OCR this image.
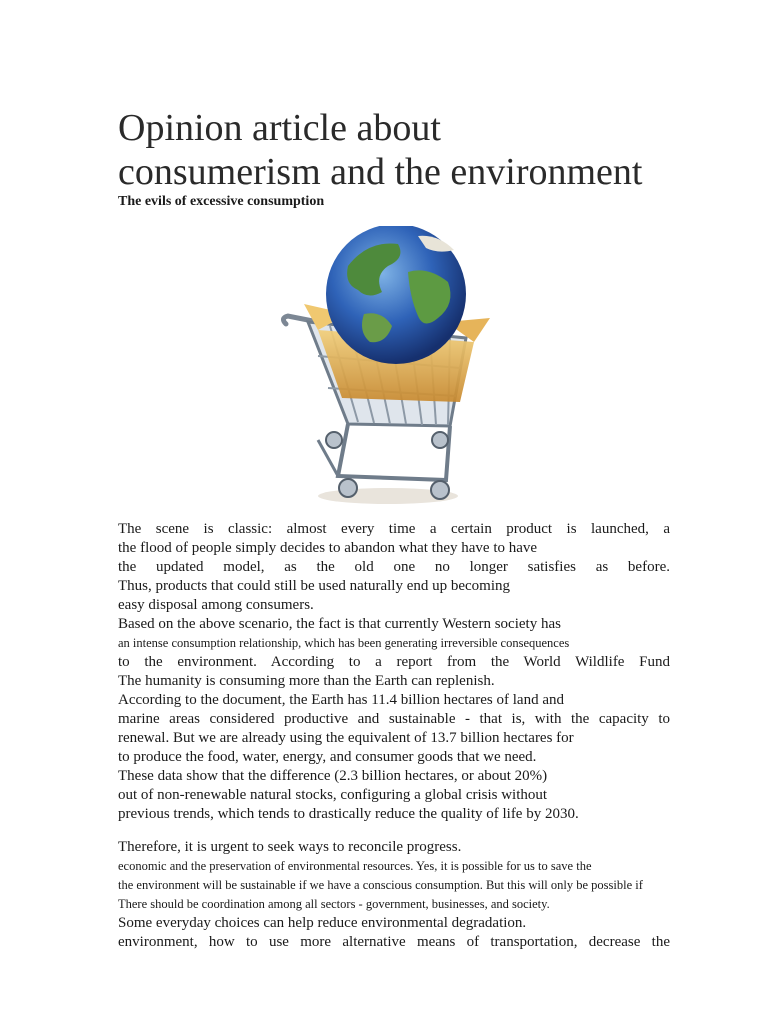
Opinion article about
consumerism and the environment

The evils of excessive consumption

The scene is classic: almost every time a certain product is launched, a
the flood of people simply decides to abandon what they have to have
the updated model, as the old one no longer satisfies as before.
Thus, products that could still be used naturally end up becoming
easy disposal among consumers.
Based on the above scenario, the fact is that currently Western society has
an intense consumption relationship, which has been generating irreversible consequences
to the environment. According to a report from the World Wildlife Fund
The humanity is consuming more than the Earth can replenish.
According to the document, the Earth has 11.4 billion hectares of land and
marine areas considered productive and sustainable - that is, with the capacity to
renewal. But we are already using the equivalent of 13.7 billion hectares for
to produce the food, water, energy, and consumer goods that we need.
These data show that the difference (2.3 billion hectares, or about 20%)
out of non-renewable natural stocks, configuring a global crisis without
previous trends, which tends to drastically reduce the quality of life by 2030.
Therefore, it is urgent to seek ways to reconcile progress.
economic and the preservation of environmental resources. Yes, it is possible for us to save the
the environment will be sustainable if we have a conscious consumption. But this will only be possible if
There should be coordination among all sectors - government, businesses, and society.
Some everyday choices can help reduce environmental degradation.
environment, how to use more alternative means of transportation, decrease the
